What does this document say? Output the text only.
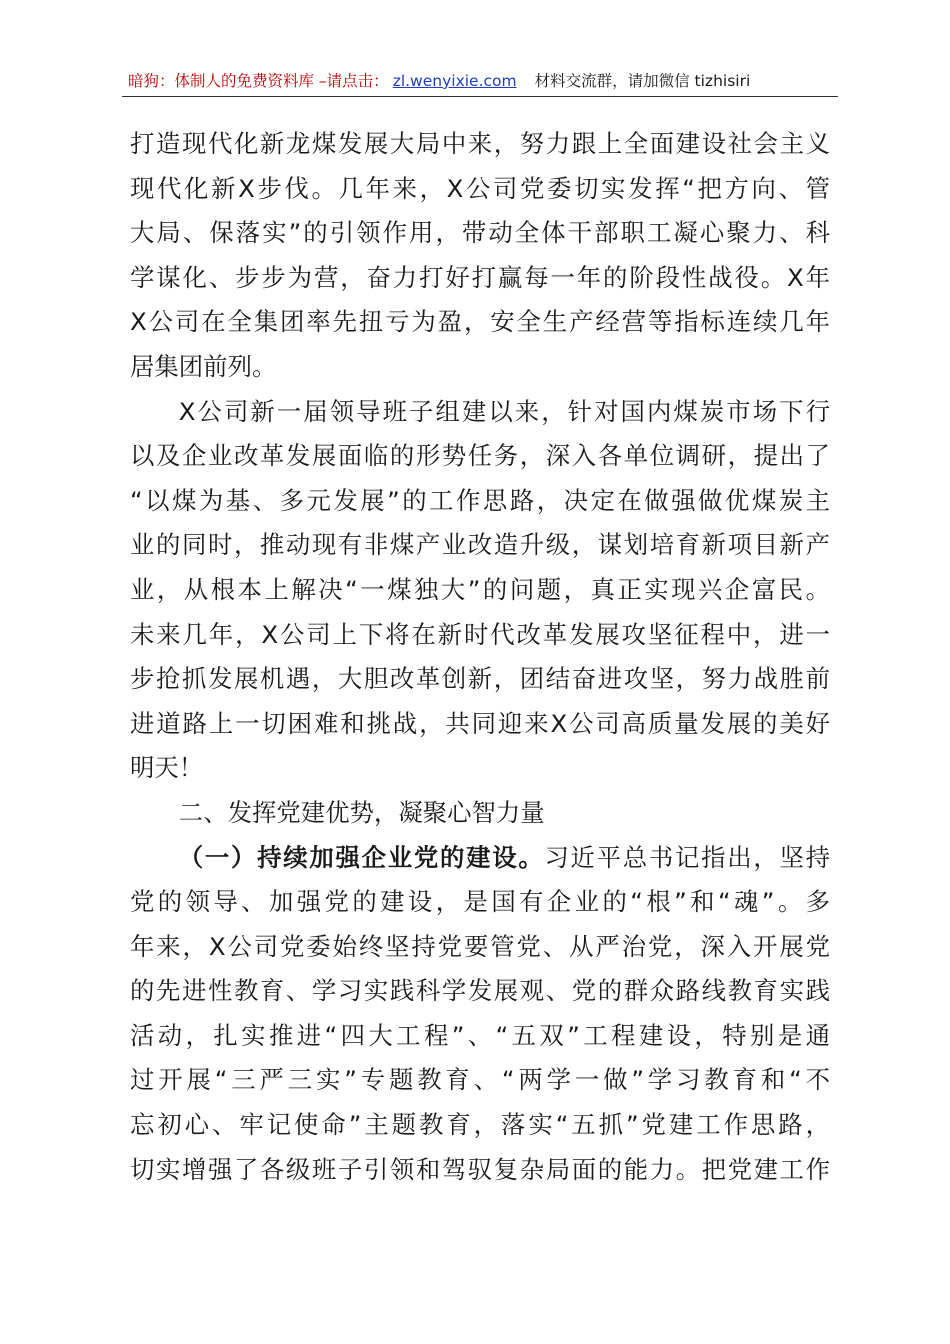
暗狗：体制人的免费资料库 –请点击： zl.wenyixie.com 材料交流群，请加微信 tizhisiri
打造现代化新龙煤发展大局中来，努力跟上全面建设社会主义
现代化新X步伐。几年来，X公司党委切实发挥“把方向、管
大局、保落实”的引领作用，带动全体干部职工凝心聚力、科
学谋化、步步为营，奋力打好打赢每一年的阶段性战役。X年
X公司在全集团率先扭亏为盈，安全生产经营等指标连续几年
居集团前列。
X公司新一届领导班子组建以来，针对国内煤炭市场下行
以及企业改革发展面临的形势任务，深入各单位调研，提出了
“以煤为基、多元发展”的工作思路，决定在做强做优煤炭主
业的同时，推动现有非煤产业改造升级，谋划培育新项目新产
业，从根本上解决“一煤独大”的问题，真正实现兴企富民。
未来几年，X公司上下将在新时代改革发展攻坚征程中，进一
步抢抓发展机遇，大胆改革创新，团结奋进攻坚，努力战胜前
进道路上一切困难和挑战，共同迎来X公司高质量发展的美好
明天！
二、发挥党建优势，凝聚心智力量
（一）持续加强企业党的建设。习近平总书记指出，坚持
党的领导、加强党的建设，是国有企业的“根”和“魂”。多
年来，X公司党委始终坚持党要管党、从严治党，深入开展党
的先进性教育、学习实践科学发展观、党的群众路线教育实践
活动，扎实推进“四大工程”、“五双”工程建设，特别是通
过开展“三严三实”专题教育、“两学一做”学习教育和“不
忘初心、牢记使命”主题教育，落实“五抓”党建工作思路，
切实增强了各级班子引领和驾驭复杂局面的能力。把党建工作
